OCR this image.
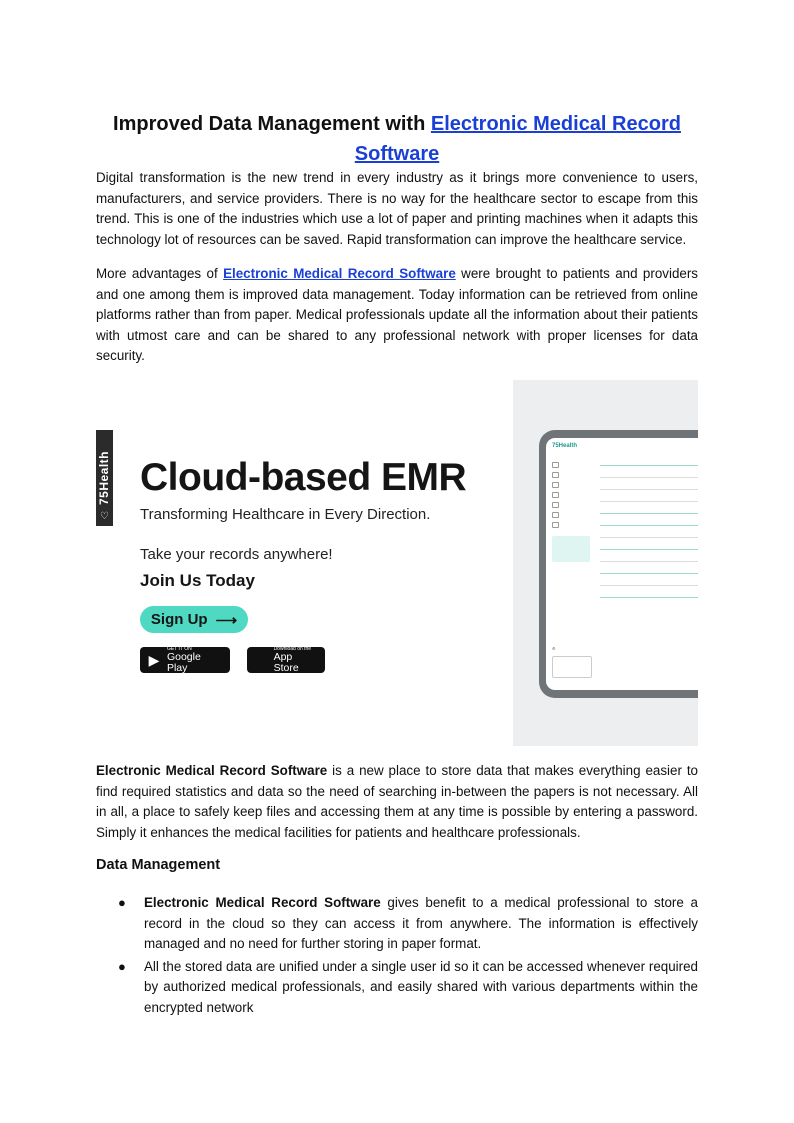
Improved Data Management with Electronic Medical Record
Software

Digital transformation is the new trend in every industry as it brings more convenience to users, manufacturers, and service providers. There is no way for the healthcare sector to escape from this trend. This is one of the industries which use a lot of paper and printing machines when it adapts this technology lot of resources can be saved. Rapid transformation can improve the healthcare service.

More advantages of Electronic Medical Record Software were brought to patients and providers and one among them is improved data management. Today information can be retrieved from online platforms rather than from paper. Medical professionals update all the information about their patients with utmost care and can be shared to any professional network with proper licenses for data security.

75Health
♡
Cloud-based EMR
Transforming Healthcare in Every Direction.
Take your records anywhere!
Join Us Today
Sign Up ⟶
▶
GET IT ON
Google Play
Download on the
App Store
75Health
⚙

Electronic Medical Record Software is a new place to store data that makes everything easier to find required statistics and data so the need of searching in-between the papers is not necessary. All in all, a place to safely keep files and accessing them at any time is possible by entering a password. Simply it enhances the medical facilities for patients and healthcare professionals.

Data Management
● Electronic Medical Record Software gives benefit to a medical professional to store a record in the cloud so they can access it from anywhere. The information is effectively managed and no need for further storing in paper format.
● All the stored data are unified under a single user id so it can be accessed whenever required by authorized medical professionals, and easily shared with various departments within the encrypted network
